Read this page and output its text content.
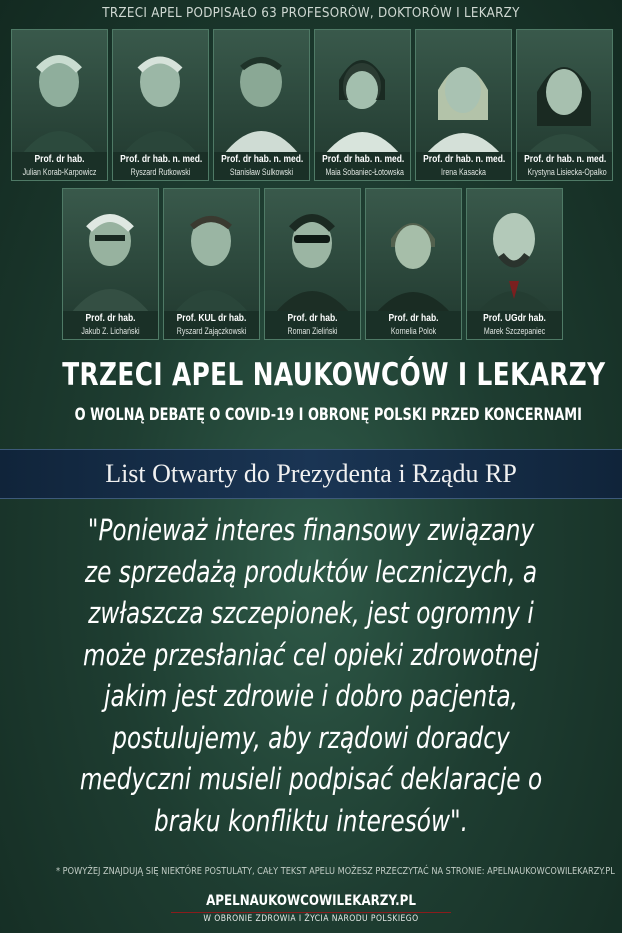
TRZECI APEL PODPISAŁO 63 PROFESORÓW, DOKTORÓW I LEKARZY
Prof. dr hab.
Julian Korab-Karpowicz
Prof. dr hab. n. med.
Ryszard Rutkowski
Prof. dr hab. n. med.
Stanisław Sulkowski
Prof. dr hab. n. med.
Maia Sobaniec-Łotowska
Prof. dr hab. n. med.
Irena Kasacka
Prof. dr hab. n. med.
Krystyna Lisiecka-Opalko
Prof. dr hab.
Jakub Z. Lichański
Prof. KUL dr hab.
Ryszard Zajączkowski
Prof. dr hab.
Roman Zieliński
Prof. dr hab.
Kornelia Polok
Prof. UGdr hab.
Marek Szczepaniec
TRZECI APEL NAUKOWCÓW I LEKARZY
O WOLNĄ DEBATĘ O COVID-19 I OBRONĘ POLSKI PRZED KONCERNAMI
List Otwarty do Prezydenta i Rządu RP
"Ponieważ interes finansowy związany
ze sprzedażą produktów leczniczych, a
zwłaszcza szczepionek, jest ogromny i
może przesłaniać cel opieki zdrowotnej
jakim jest zdrowie i dobro pacjenta,
postulujemy, aby rządowi doradcy
medyczni musieli podpisać deklaracje o
braku konfliktu interesów".
* POWYŻEJ ZNAJDUJĄ SIĘ NIEKTÓRE POSTULATY, CAŁY TEKST APELU MOŻESZ PRZECZYTAĆ NA STRONIE: APELNAUKOWCOWILEKARZY.PL
APELNAUKOWCOWILEKARZY.PL
W OBRONIE ZDROWIA I ŻYCIA NARODU POLSKIEGO
